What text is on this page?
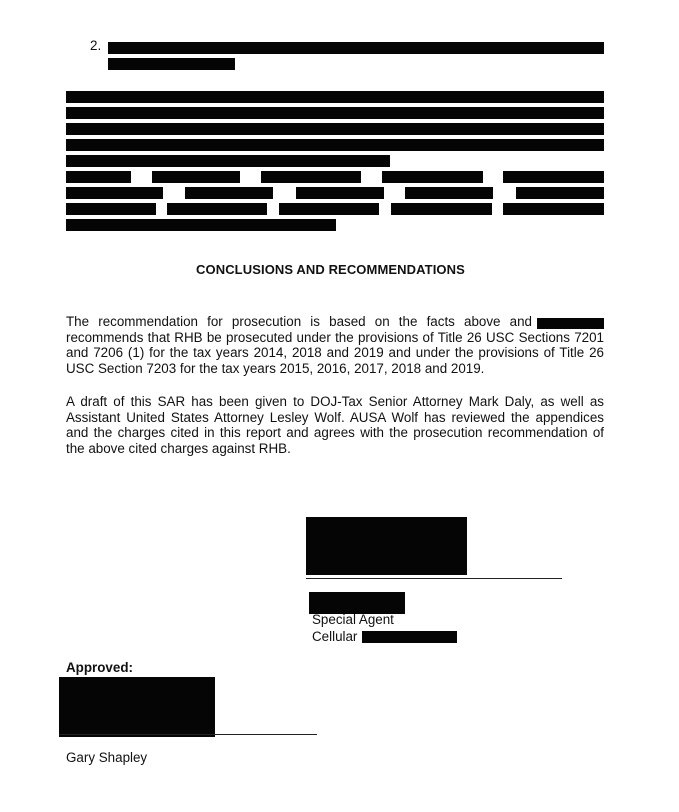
2.
CONCLUSIONS AND RECOMMENDATIONS
The recommendation for prosecution is based on the facts above and
recommends that RHB be prosecuted under the provisions of Title 26 USC Sections 7201
and 7206 (1) for the tax years 2014, 2018 and 2019 and under the provisions of Title 26
USC Section 7203 for the tax years 2015, 2016, 2017, 2018 and 2019.
A draft of this SAR has been given to DOJ-Tax Senior Attorney Mark Daly, as well as
Assistant United States Attorney Lesley Wolf. AUSA Wolf has reviewed the appendices
and the charges cited in this report and agrees with the prosecution recommendation of
the above cited charges against RHB.
Special Agent
Cellular
Approved:
Gary Shapley
